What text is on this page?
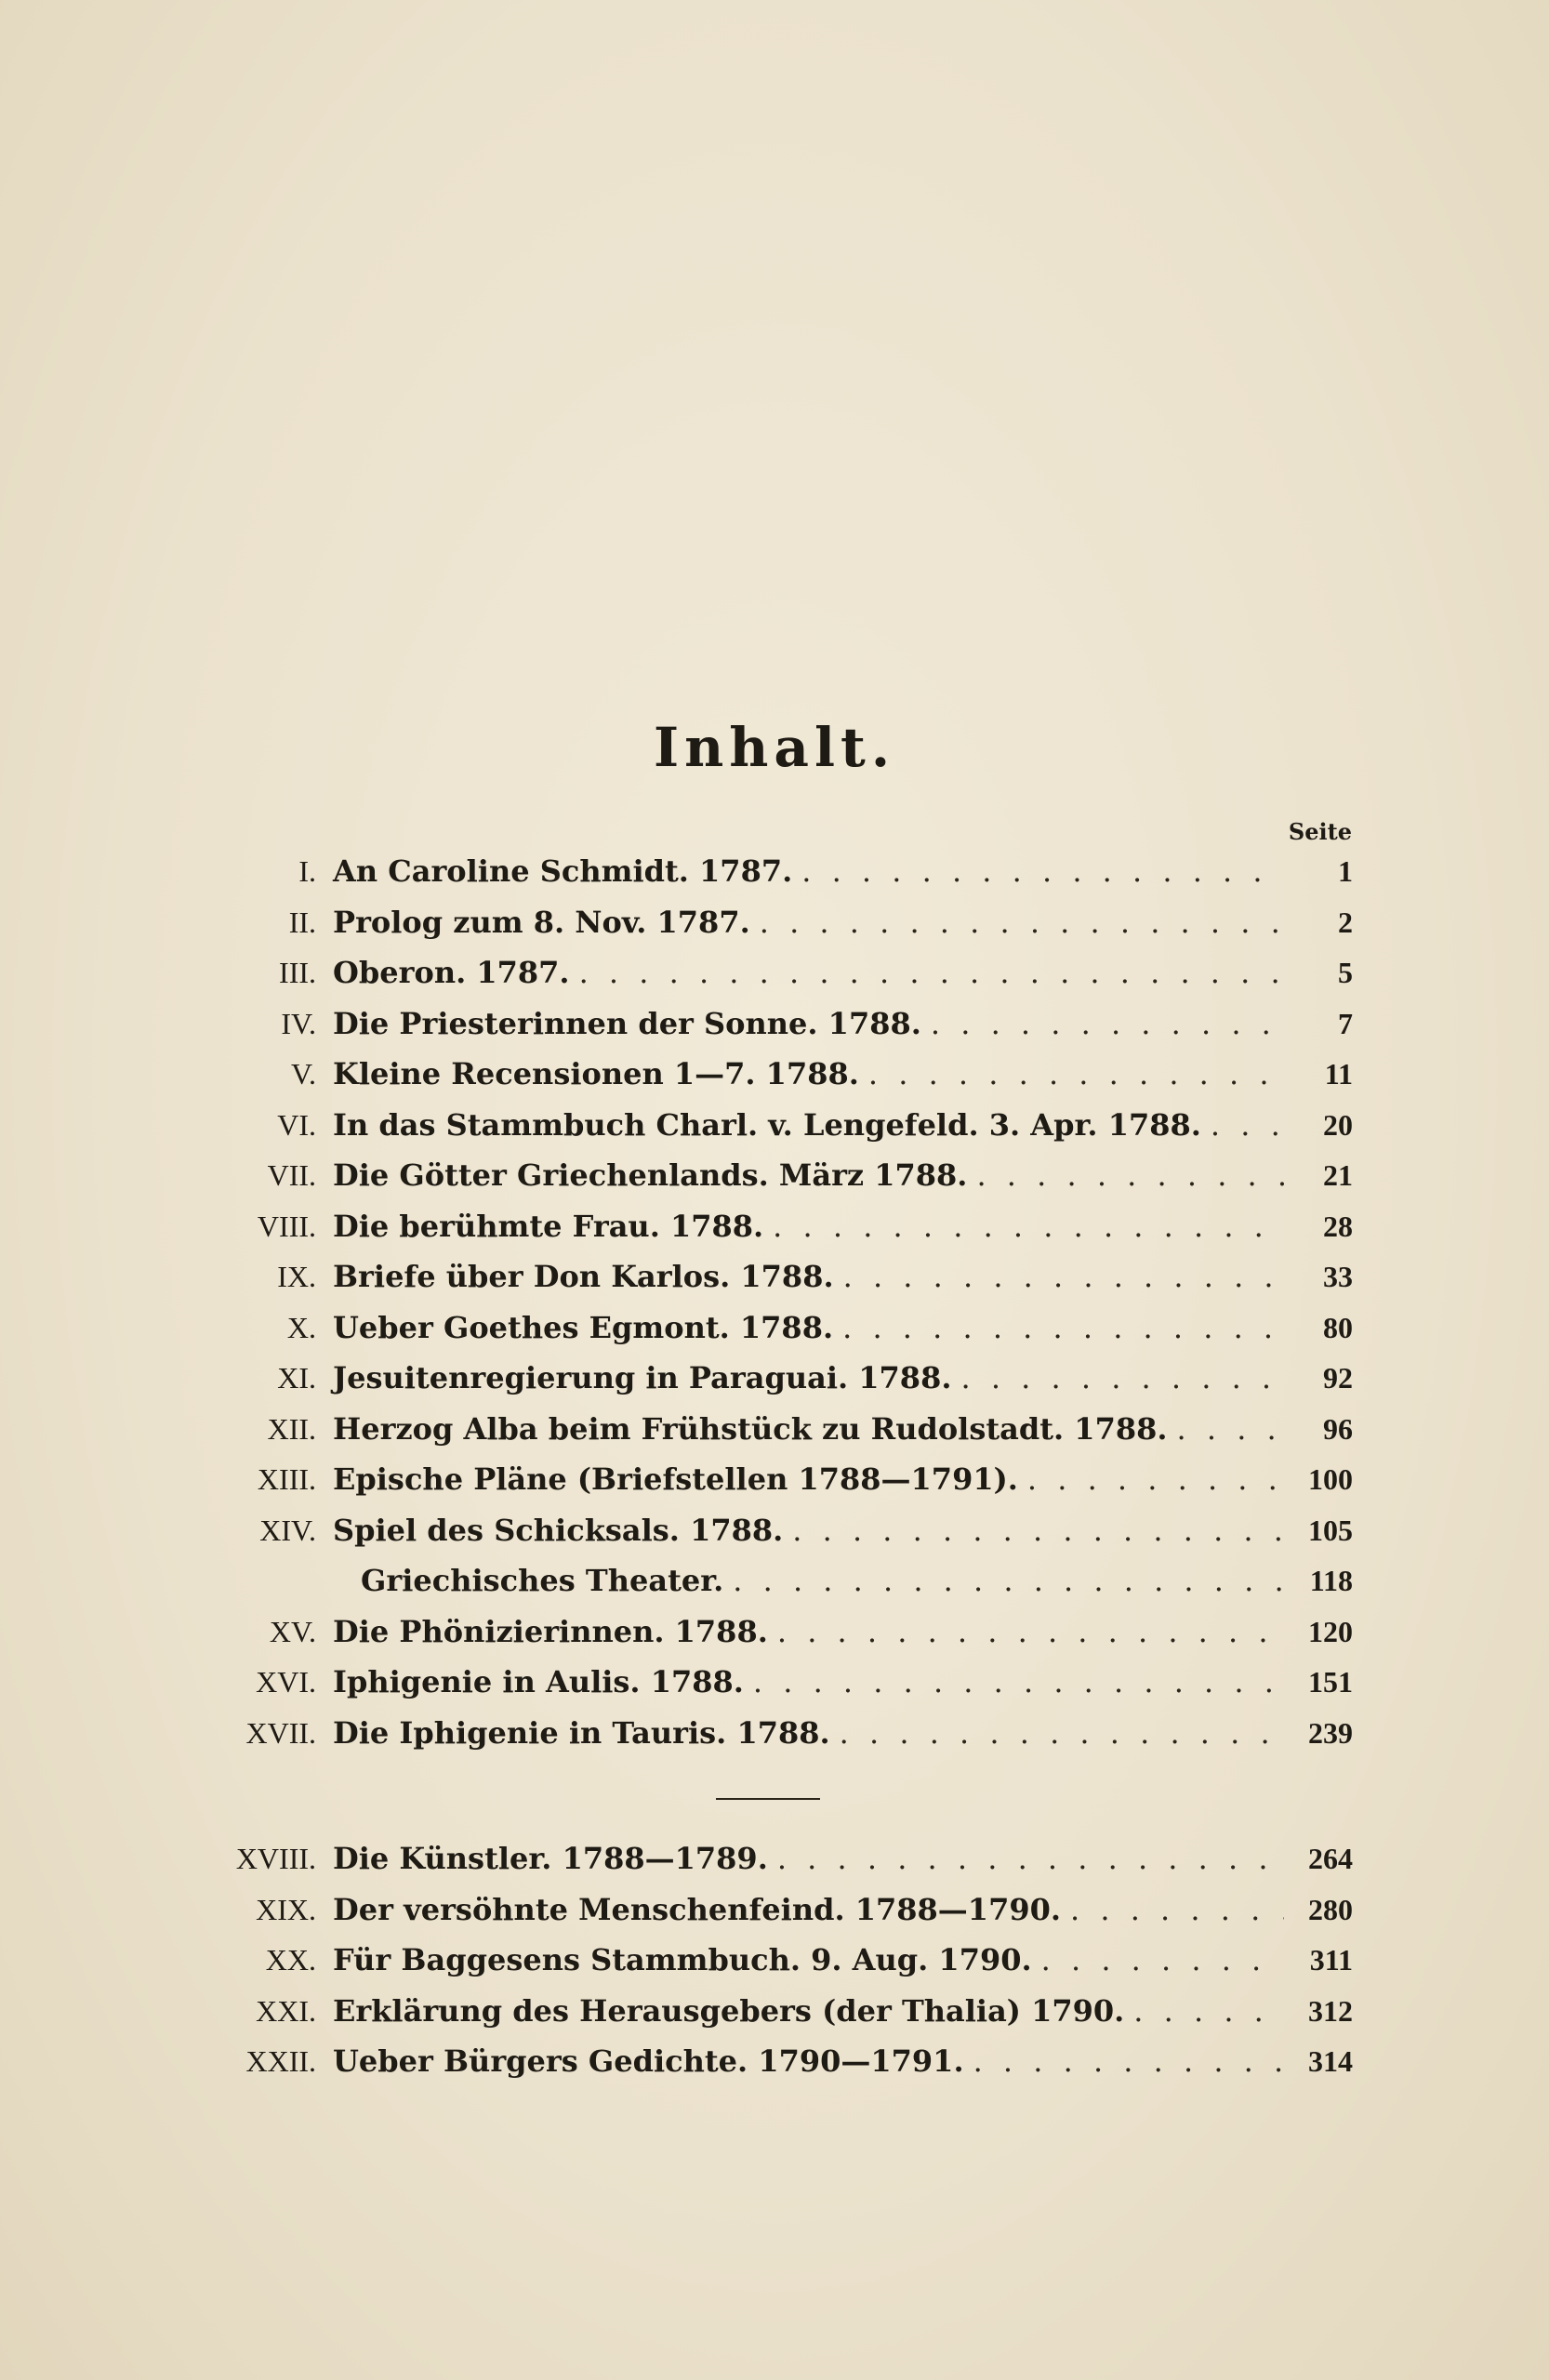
Inhalt.
Seite
I. An Caroline Schmidt. 1787. . . .	1
II. Prolog zum 8. Nov. 1787. . . .	2
III. Oberon. 1787. . . .	5
IV. Die Priesterinnen der Sonne. 1788. . . .	7
V. Kleine Recensionen 1—7. 1788. . . .	11
VI. In das Stammbuch Charl. v. Lengefeld. 3. Apr. 1788. . . .	20
VII. Die Götter Griechenlands. März 1788. . . .	21
VIII. Die berühmte Frau. 1788. . . .	28
IX. Briefe über Don Karlos. 1788. . . .	33
X. Ueber Goethes Egmont. 1788. . . .	80
XI. Jesuitenregierung in Paraguai. 1788. . . .	92
XII. Herzog Alba beim Frühstück zu Rudolstadt. 1788. . . .	96
XIII. Epische Pläne (Briefstellen 1788—1791). . . .	100
XIV. Spiel des Schicksals. 1788. . . .	105
Griechisches Theater. . . .	118
XV. Die Phönizierinnen. 1788. . . .	120
XVI. Iphigenie in Aulis. 1788. . . .	151
XVII. Die Iphigenie in Tauris. 1788. . . .	239
XVIII. Die Künstler. 1788—1789. . . .	264
XIX. Der versöhnte Menschenfeind. 1788—1790. . . .	280
XX. Für Baggesens Stammbuch. 9. Aug. 1790. . . .	311
XXI. Erklärung des Herausgebers (der Thalia) 1790. . . .	312
XXII. Ueber Bürgers Gedichte. 1790—1791. . . .	314
